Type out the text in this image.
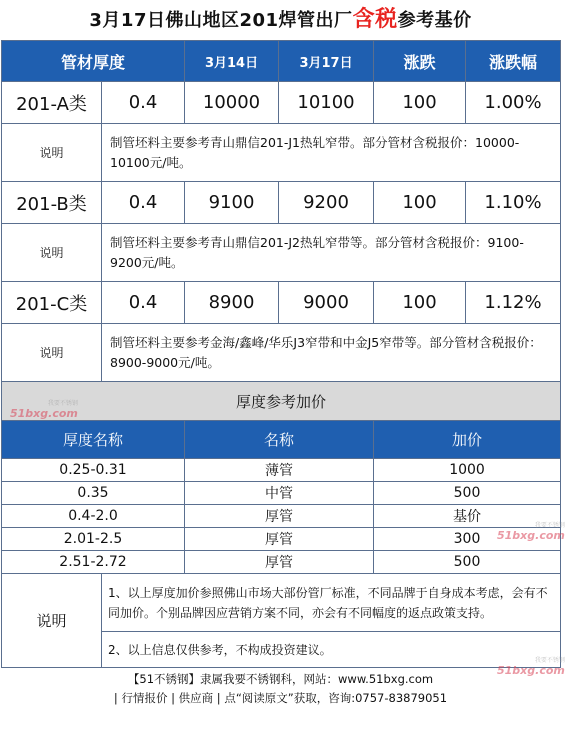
3月17日佛山地区201焊管出厂含税参考基价
管材厚度		3月14日	3月17日	涨跌	涨跌幅
201-A类	0.4	10000	10100	100	1.00%
说明	制管坯料主要参考青山鼎信201-J1热轧窄带。部分管材含税报价：10000-10100元/吨。				
201-B类	0.4	9100	9200	100	1.10%
说明	制管坯料主要参考青山鼎信201-J2热轧窄带等。部分管材含税报价：9100-9200元/吨。				
201-C类	0.4	8900	9000	100	1.12%
说明	制管坯料主要参考金海/鑫峰/华乐J3窄带和中金J5窄带等。部分管材含税报价：8900-9000元/吨。				
厚度参考加价			
厚度名称		名称	加价
0.25-0.31		薄管	1000
0.35		中管	500
0.4-2.0		厚管	基价
2.01-2.5		厚管	300
2.51-2.72		厚管	500
说明	1、以上厚度加价参照佛山市场大部份管厂标准，不同品牌于自身成本考虑，会有不同加价。个别品牌因应营销方案不同，亦会有不同幅度的返点政策支持。		
	2、以上信息仅供参考，不构成投资建议。		
【51不锈钢】隶属我要不锈钢科，网站：www.51bxg.com
| 行情报价 | 供应商 | 点“阅读原文”获取，咨询:0757-83879051
我要不锈钢
51bxg.com
我要不锈钢
51bxg.com
我要不锈钢
51bxg.com
